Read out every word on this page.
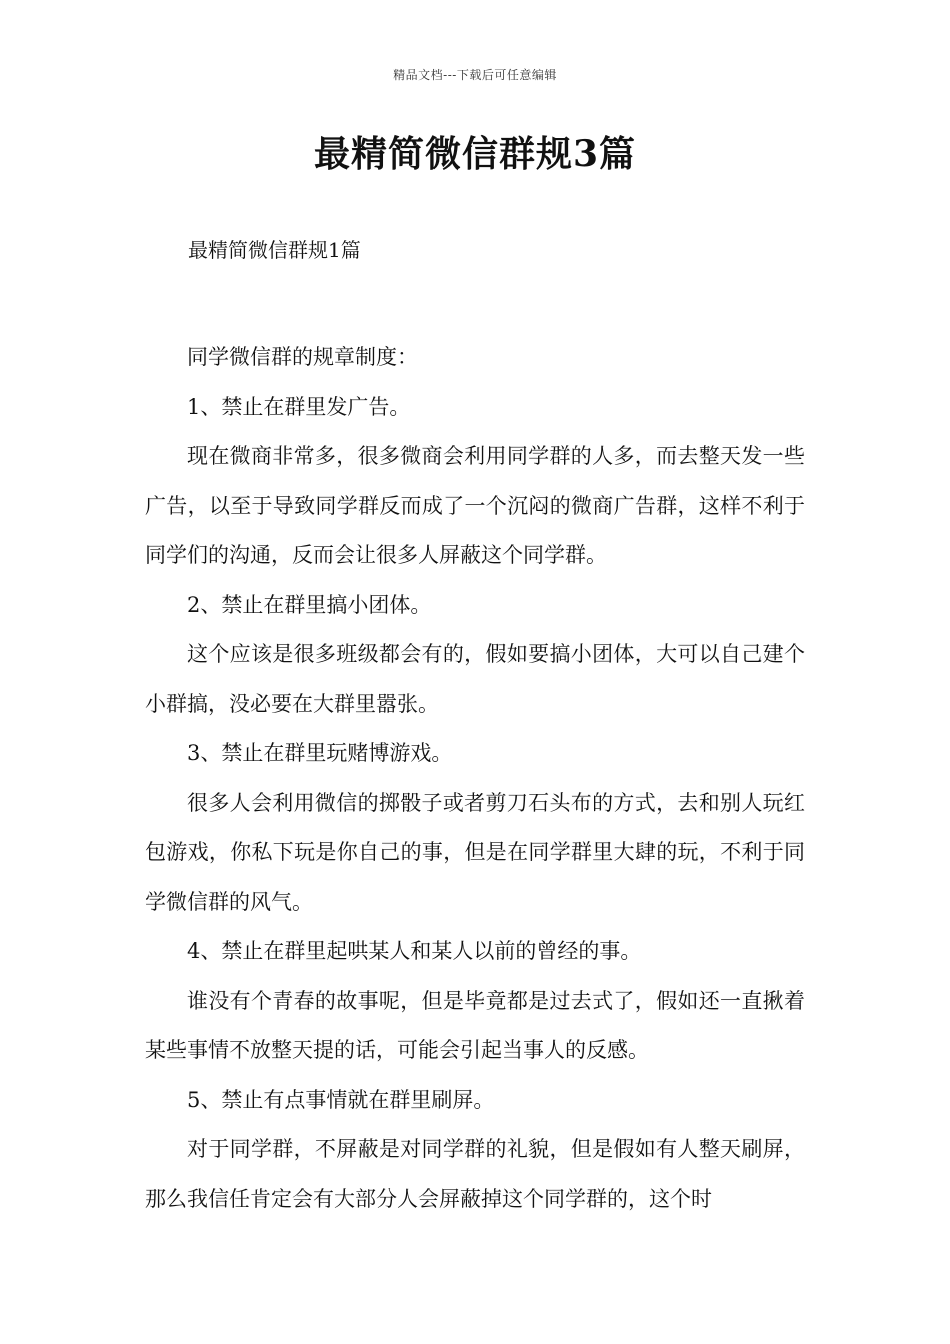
精品文档---下载后可任意编辑
最精简微信群规3篇

最精简微信群规1篇

同学微信群的规章制度：

1、禁止在群里发广告。

现在微商非常多，很多微商会利用同学群的人多，而去整天发一些广告，以至于导致同学群反而成了一个沉闷的微商广告群，这样不利于同学们的沟通，反而会让很多人屏蔽这个同学群。

2、禁止在群里搞小团体。

这个应该是很多班级都会有的，假如要搞小团体，大可以自己建个小群搞，没必要在大群里嚣张。

3、禁止在群里玩赌博游戏。

很多人会利用微信的掷骰子或者剪刀石头布的方式，去和别人玩红包游戏，你私下玩是你自己的事，但是在同学群里大肆的玩，不利于同学微信群的风气。

4、禁止在群里起哄某人和某人以前的曾经的事。

谁没有个青春的故事呢，但是毕竟都是过去式了，假如还一直揪着某些事情不放整天提的话，可能会引起当事人的反感。

5、禁止有点事情就在群里刷屏。

对于同学群，不屏蔽是对同学群的礼貌，但是假如有人整天刷屏，那么我信任肯定会有大部分人会屏蔽掉这个同学群的，这个时
